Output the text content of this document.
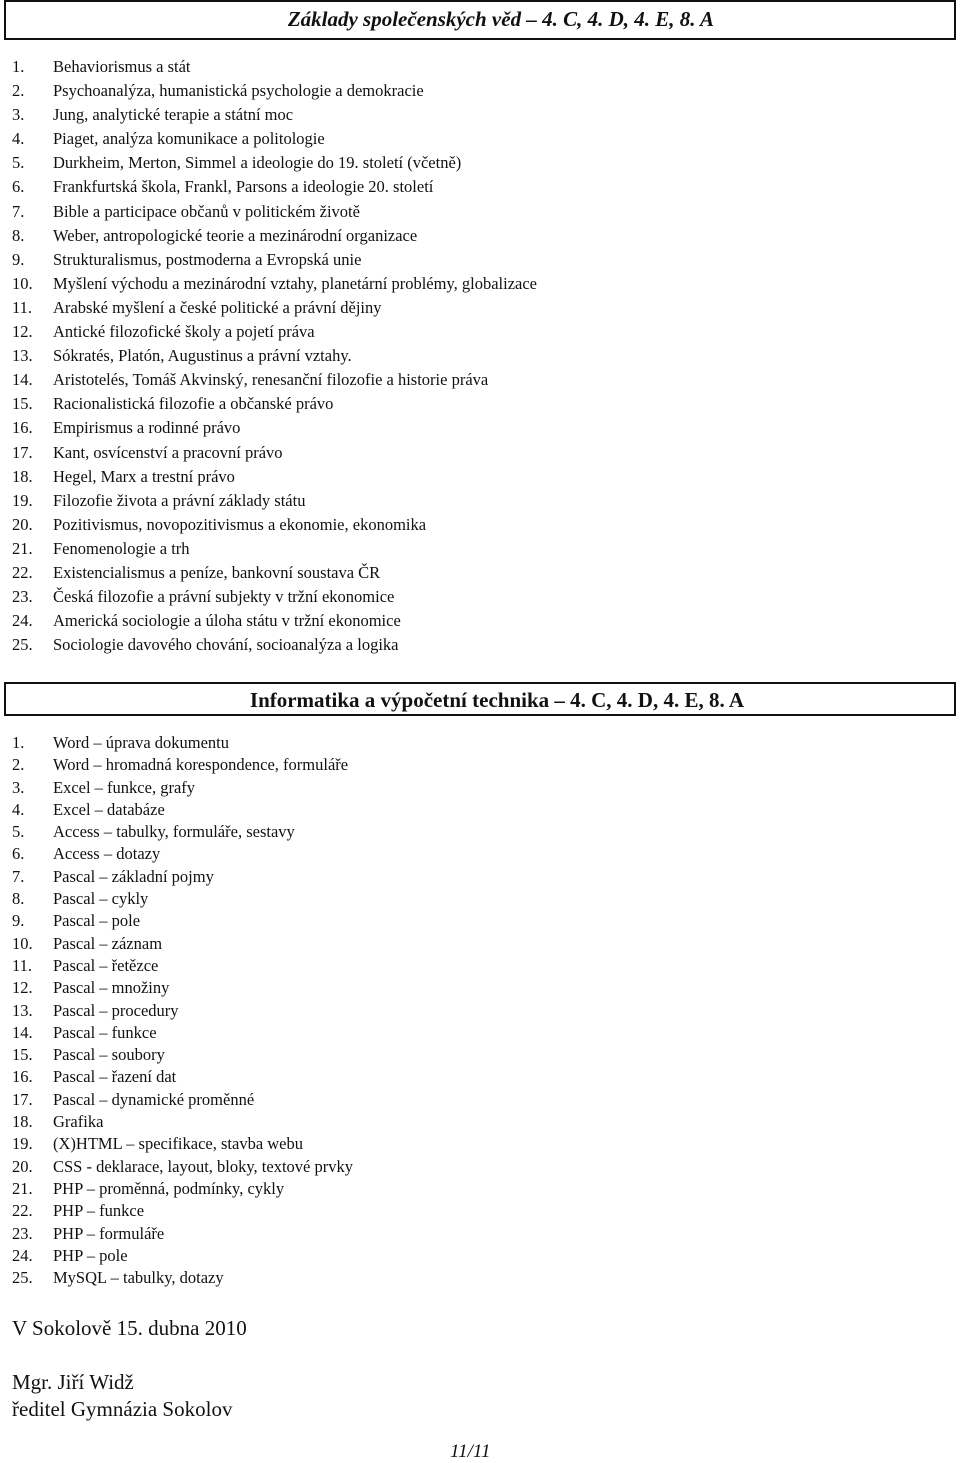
Základy společenských věd – 4. C, 4. D, 4. E, 8. A
1.	Behaviorismus a stát
2.	Psychoanalýza, humanistická psychologie a demokracie
3.	Jung, analytické terapie a státní moc
4.	Piaget, analýza komunikace a politologie
5.	Durkheim, Merton, Simmel a ideologie do 19. století (včetně)
6.	Frankfurtská škola, Frankl, Parsons a ideologie 20. století
7.	Bible a participace občanů v politickém životě
8.	Weber, antropologické teorie a mezinárodní organizace
9.	Strukturalismus, postmoderna a Evropská unie
10.	Myšlení východu a mezinárodní vztahy, planetární problémy, globalizace
11.	Arabské myšlení a české politické a právní dějiny
12.	Antické filozofické školy a pojetí práva
13.	Sókratés, Platón, Augustinus a právní vztahy.
14.	Aristotelés, Tomáš Akvinský, renesanční filozofie a historie práva
15.	Racionalistická filozofie a občanské právo
16.	Empirismus a rodinné právo
17.	Kant, osvícenství a pracovní právo
18.	Hegel, Marx a trestní právo
19.	Filozofie života a právní základy státu
20.	Pozitivismus, novopozitivismus a ekonomie, ekonomika
21.	Fenomenologie a trh
22.	Existencialismus a peníze, bankovní soustava ČR
23.	Česká filozofie a právní subjekty v tržní ekonomice
24.	Americká sociologie a úloha státu v tržní ekonomice
25.	Sociologie davového chování, socioanalýza a logika
Informatika a výpočetní technika – 4. C, 4. D, 4. E, 8. A
1.	Word – úprava dokumentu
2.	Word – hromadná korespondence, formuláře
3.	Excel – funkce, grafy
4.	Excel – databáze
5.	Access – tabulky, formuláře, sestavy
6.	Access – dotazy
7.	Pascal – základní pojmy
8.	Pascal – cykly
9.	Pascal – pole
10.	Pascal – záznam
11.	Pascal – řetězce
12.	Pascal – množiny
13.	Pascal – procedury
14.	Pascal – funkce
15.	Pascal – soubory
16.	Pascal – řazení dat
17.	Pascal – dynamické proměnné
18.	Grafika
19.	(X)HTML – specifikace, stavba webu
20.	CSS - deklarace, layout, bloky, textové prvky
21.	PHP – proměnná, podmínky, cykly
22.	PHP – funkce
23.	PHP – formuláře
24.	PHP – pole
25.	MySQL – tabulky, dotazy
V Sokolově 15. dubna 2010
Mgr. Jiří Widž
ředitel Gymnázia Sokolov
11/11
